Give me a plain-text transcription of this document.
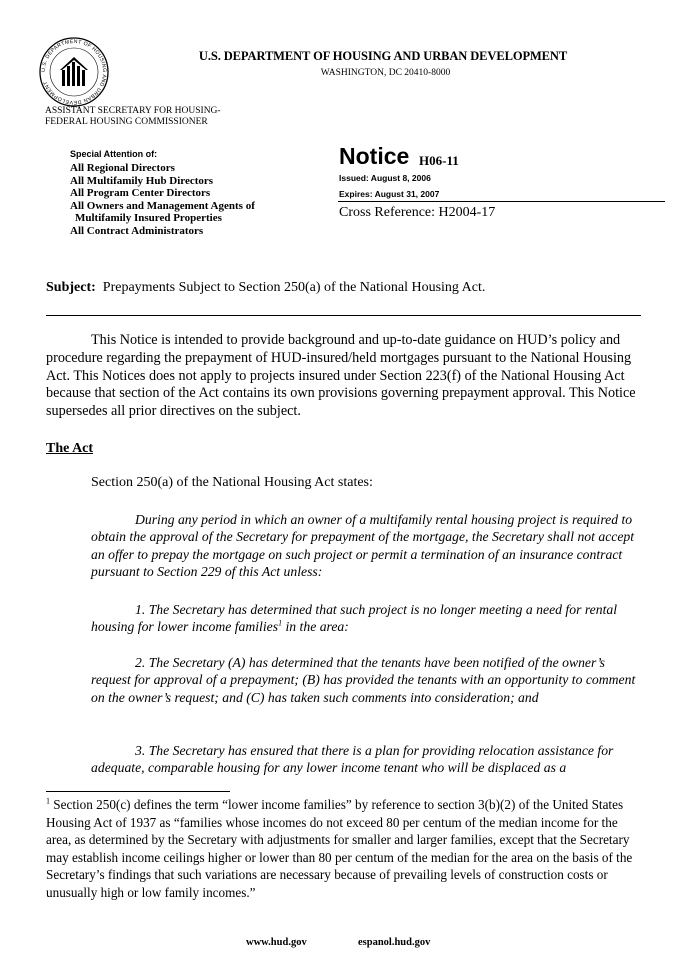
U.S. DEPARTMENT OF HOUSING AND URBAN DEVELOPMENT
U.S. DEPARTMENT OF HOUSING AND URBAN DEVELOPMENT
WASHINGTON, DC 20410-8000
ASSISTANT SECRETARY FOR HOUSING-
FEDERAL HOUSING COMMISSIONER
Special Attention of:
All Regional Directors
All Multifamily Hub Directors
All Program Center Directors
All Owners and Management Agents of
Multifamily Insured Properties
All Contract Administrators
Notice H06-11
Issued: August 8, 2006
Expires: August 31, 2007
Cross Reference: H2004-17
Subject: Prepayments Subject to Section 250(a) of the National Housing Act.

This Notice is intended to provide background and up-to-date guidance on HUD’s policy and procedure regarding the prepayment of HUD-insured/held mortgages pursuant to the National Housing Act. This Notices does not apply to projects insured under Section 223(f) of the National Housing Act because that section of the Act contains its own provisions governing prepayment approval. This Notice supersedes all prior directives on the subject.

The Act
Section 250(a) of the National Housing Act states:

During any period in which an owner of a multifamily rental housing project is required to obtain the approval of the Secretary for prepayment of the mortgage, the Secretary shall not accept an offer to prepay the mortgage on such project or permit a termination of an insurance contract pursuant to Section 229 of this Act unless:

1. The Secretary has determined that such project is no longer meeting a need for rental housing for lower income families$^1$ in the area:

2. The Secretary (A) has determined that the tenants have been notified of the owner’s request for approval of a prepayment; (B) has provided the tenants with an opportunity to comment on the owner’s request; and (C) has taken such comments into consideration; and

3. The Secretary has ensured that there is a plan for providing relocation assistance for adequate, comparable housing for any lower income tenant who will be displaced as a

$^1$ Section 250(c) defines the term “lower income families” by reference to section 3(b)(2) of the United States Housing Act of 1937 as “families whose incomes do not exceed 80 per centum of the median income for the area, as determined by the Secretary with adjustments for smaller and larger families, except that the Secretary may establish income ceilings higher or lower than 80 per centum of the median for the area on the basis of the Secretary’s findings that such variations are necessary because of prevailing levels of construction costs or unusually high or low family incomes.”

www.hud.gov	espanol.hud.gov
